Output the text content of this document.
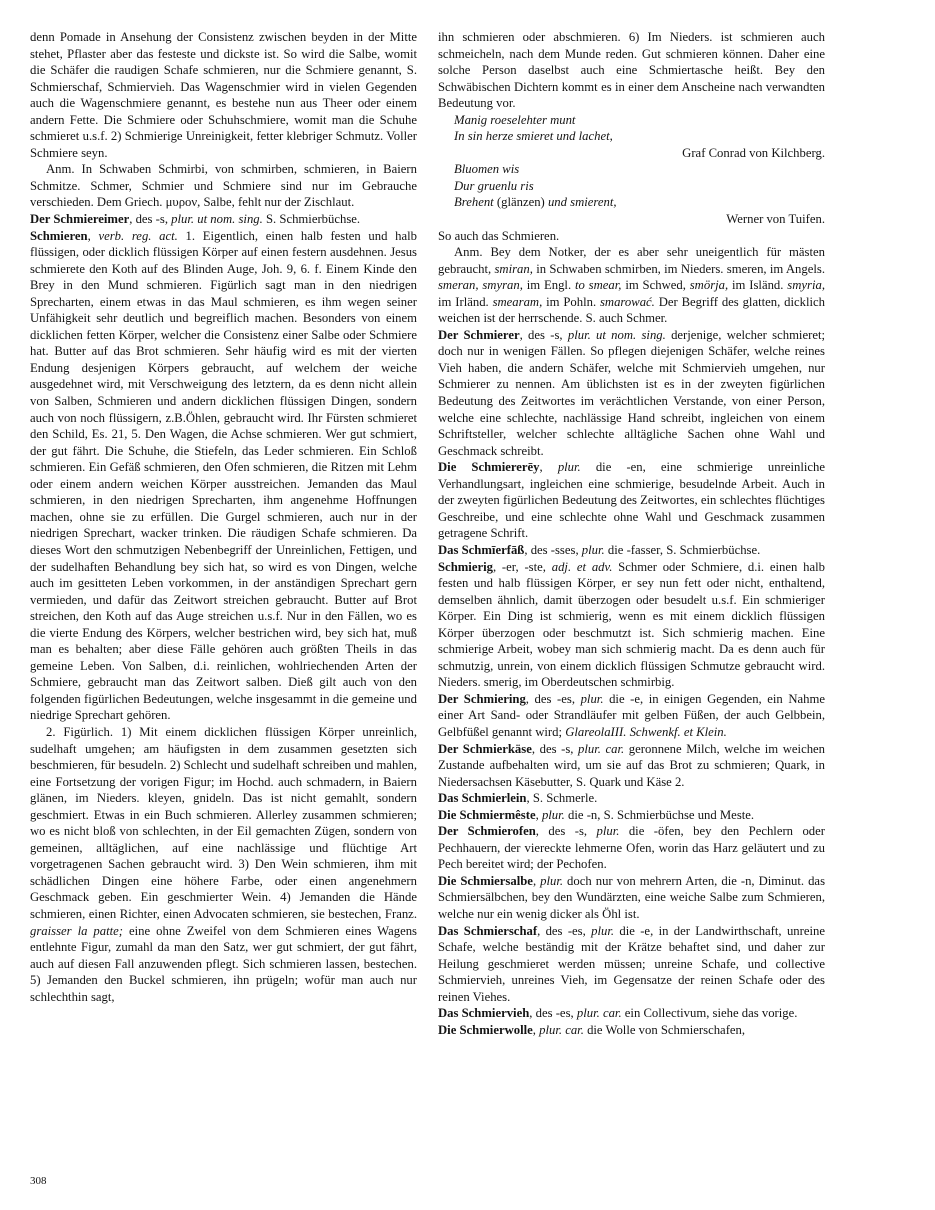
denn Pomade in Ansehung der Consistenz zwischen beyden in der Mitte stehet, Pflaster aber das festeste und dickste ist. So wird die Salbe, womit die Schäfer die raudigen Schafe schmieren, nur die Schmiere genannt, S. Schmierschaf, Schmiervieh. Das Wagenschmier wird in vielen Gegenden auch die Wagenschmiere genannt, es bestehe nun aus Theer oder einem andern Fette. Die Schmiere oder Schuhschmiere, womit man die Schuhe schmieret u.s.f. 2) Schmierige Unreinigkeit, fetter klebriger Schmutz. Voller Schmiere seyn.

Anm. In Schwaben Schmirbi, von schmirben, schmieren, in Baiern Schmitze. Schmer, Schmier und Schmiere sind nur im Gebrauche verschieden. Dem Griech. μυρον, Salbe, fehlt nur der Zischlaut.

Der Schmiereimer, des -s, plur. ut nom. sing. S. Schmierbüchse.

Schmieren, verb. reg. act. 1. Eigentlich, einen halb festen und halb flüssigen, oder dicklich flüssigen Körper auf einen festern ausdehnen. Jesus schmierete den Koth auf des Blinden Auge, Joh. 9, 6. f. Einem Kinde den Brey in den Mund schmieren. Figürlich sagt man in den niedrigen Sprecharten, einem etwas in das Maul schmieren, es ihm wegen seiner Unfähigkeit sehr deutlich und begreiflich machen. Besonders von einem dicklichen fetten Körper, welcher die Consistenz einer Salbe oder Schmiere hat. Butter auf das Brot schmieren. Sehr häufig wird es mit der vierten Endung desjenigen Körpers gebraucht, auf welchem der weiche ausgedehnet wird, mit Verschweigung des letztern, da es denn nicht allein von Salben, Schmieren und andern dicklichen flüssigen Dingen, sondern auch von noch flüssigern, z.B.Öhlen, gebraucht wird. Ihr Fürsten schmieret den Schild, Es. 21, 5. Den Wagen, die Achse schmieren. Wer gut schmiert, der gut fährt. Die Schuhe, die Stiefeln, das Leder schmieren. Ein Schloß schmieren. Ein Gefäß schmieren, den Ofen schmieren, die Ritzen mit Lehm oder einem andern weichen Körper ausstreichen. Jemanden das Maul schmieren, in den niedrigen Sprecharten, ihm angenehme Hoffnungen machen, ohne sie zu erfüllen. Die Gurgel schmieren, auch nur in der niedrigen Sprechart, wacker trinken. Die räudigen Schafe schmieren. Da dieses Wort den schmutzigen Nebenbegriff der Unreinlichen, Fettigen, und der sudelhaften Behandlung bey sich hat, so wird es von Dingen, welche auch im gesitteten Leben vorkommen, in der anständigen Sprechart gern vermieden, und dafür das Zeitwort streichen gebraucht. Butter auf Brot streichen, den Koth auf das Auge streichen u.s.f. Nur in den Fällen, wo es die vierte Endung des Körpers, welcher bestrichen wird, bey sich hat, muß man es behalten; aber diese Fälle gehören auch größten Theils in das gemeine Leben. Von Salben, d.i. reinlichen, wohlriechenden Arten der Schmiere, gebraucht man das Zeitwort salben. Dieß gilt auch von den folgenden figürlichen Bedeutungen, welche insgesammt in die gemeine und niedrige Sprechart gehören.

2. Figürlich. 1) Mit einem dicklichen flüssigen Körper unreinlich, sudelhaft umgehen; am häufigsten in dem zusammen gesetzten sich beschmieren, für besudeln. 2) Schlecht und sudelhaft schreiben und mahlen, eine Fortsetzung der vorigen Figur; im Hochd. auch schmadern, in Baiern glänen, im Nieders. kleyen, gnideln. Das ist nicht gemahlt, sondern geschmiert. Etwas in ein Buch schmieren. Allerley zusammen schmieren; wo es nicht bloß von schlechten, in der Eil gemachten Zügen, sondern von gemeinen, alltäglichen, auf eine nachlässige und flüchtige Art vorgetragenen Sachen gebraucht wird. 3) Den Wein schmieren, ihm mit schädlichen Dingen eine höhere Farbe, oder einen angenehmern Geschmack geben. Ein geschmierter Wein. 4) Jemanden die Hände schmieren, einen Richter, einen Advocaten schmieren, sie bestechen, Franz. graisser la patte; eine ohne Zweifel von dem Schmieren eines Wagens entlehnte Figur, zumahl da man den Satz, wer gut schmiert, der gut fährt, auch auf diesen Fall anzuwenden pflegt. Sich schmieren lassen, bestechen. 5) Jemanden den Buckel schmieren, ihn prügeln; wofür man auch nur schlechthin sagt,

ihn schmieren oder abschmieren. 6) Im Nieders. ist schmieren auch schmeicheln, nach dem Munde reden. Gut schmieren können. Daher eine solche Person daselbst auch eine Schmiertasche heißt. Bey den Schwäbischen Dichtern kommt es in einer dem Anscheine nach verwandten Bedeutung vor.

Manig roeselehter munt

In sin herze smieret und lachet,

Graf Conrad von Kilchberg.

Bluomen wis

Dur gruenlu ris

Brehent (glänzen) und smierent,

Werner von Tuifen.

So auch das Schmieren.

Anm. Bey dem Notker, der es aber sehr uneigentlich für mästen gebraucht, smiran, in Schwaben schmirben, im Nieders. smeren, im Angels. smeran, smyran, im Engl. to smear, im Schwed, smörja, im Isländ. smyria, im Irländ. smearam, im Pohln. smarować. Der Begriff des glatten, dicklich weichen ist der herrschende. S. auch Schmer.

Der Schmierer, des -s, plur. ut nom. sing. derjenige, welcher schmieret; doch nur in wenigen Fällen. So pflegen diejenigen Schäfer, welche reines Vieh haben, die andern Schäfer, welche mit Schmiervieh umgehen, nur Schmierer zu nennen. Am üblichsten ist es in der zweyten figürlichen Bedeutung des Zeitwortes im verächtlichen Verstande, von einer Person, welche eine schlechte, nachlässige Hand schreibt, ingleichen von einem Schriftsteller, welcher schlechte alltägliche Sachen ohne Wahl und Geschmack schreibt.

Die Schmiererēy, plur. die -en, eine schmierige unreinliche Verhandlungsart, ingleichen eine schmierige, besudelnde Arbeit. Auch in der zweyten figürlichen Bedeutung des Zeitwortes, ein schlechtes flüchtiges Geschreibe, und eine schlechte ohne Wahl und Geschmack zusammen getragene Schrift.

Das Schmīerfāß, des -sses, plur. die -fasser, S. Schmierbüchse.

Schmierig, -er, -ste, adj. et adv. Schmer oder Schmiere, d.i. einen halb festen und halb flüssigen Körper, er sey nun fett oder nicht, enthaltend, demselben ähnlich, damit überzogen oder besudelt u.s.f. Ein schmieriger Körper. Ein Ding ist schmierig, wenn es mit einem dicklich flüssigen Körper überzogen oder beschmutzt ist. Sich schmierig machen. Eine schmierige Arbeit, wobey man sich schmierig macht. Da es denn auch für schmutzig, unrein, von einem dicklich flüssigen Schmutze gebraucht wird. Nieders. smerig, im Oberdeutschen schmirbig.

Der Schmiering, des -es, plur. die -e, in einigen Gegenden, ein Nahme einer Art Sand- oder Strandläufer mit gelben Füßen, der auch Gelbbein, Gelbfüßel genannt wird; GlareolaIII. Schwenkf. et Klein.

Der Schmierkäse, des -s, plur. car. geronnene Milch, welche im weichen Zustande aufbehalten wird, um sie auf das Brot zu schmieren; Quark, in Niedersachsen Käsebutter, S. Quark und Käse 2.

Das Schmierlein, S. Schmerle.

Die Schmiermêste, plur. die -n, S. Schmierbüchse und Meste.

Der Schmierofen, des -s, plur. die -öfen, bey den Pechlern oder Pechhauern, der viereckte lehmerne Ofen, worin das Harz geläutert und zu Pech bereitet wird; der Pechofen.

Die Schmiersalbe, plur. doch nur von mehrern Arten, die -n, Diminut. das Schmiersälbchen, bey den Wundärzten, eine weiche Salbe zum Schmieren, welche nur ein wenig dicker als Öhl ist.

Das Schmierschaf, des -es, plur. die -e, in der Landwirthschaft, unreine Schafe, welche beständig mit der Krätze behaftet sind, und daher zur Heilung geschmieret werden müssen; unreine Schafe, und collective Schmiervieh, unreines Vieh, im Gegensatze der reinen Schafe oder des reinen Viehes.

Das Schmiervieh, des -es, plur. car. ein Collectivum, siehe das vorige.

Die Schmierwolle, plur. car. die Wolle von Schmierschafen,

308
